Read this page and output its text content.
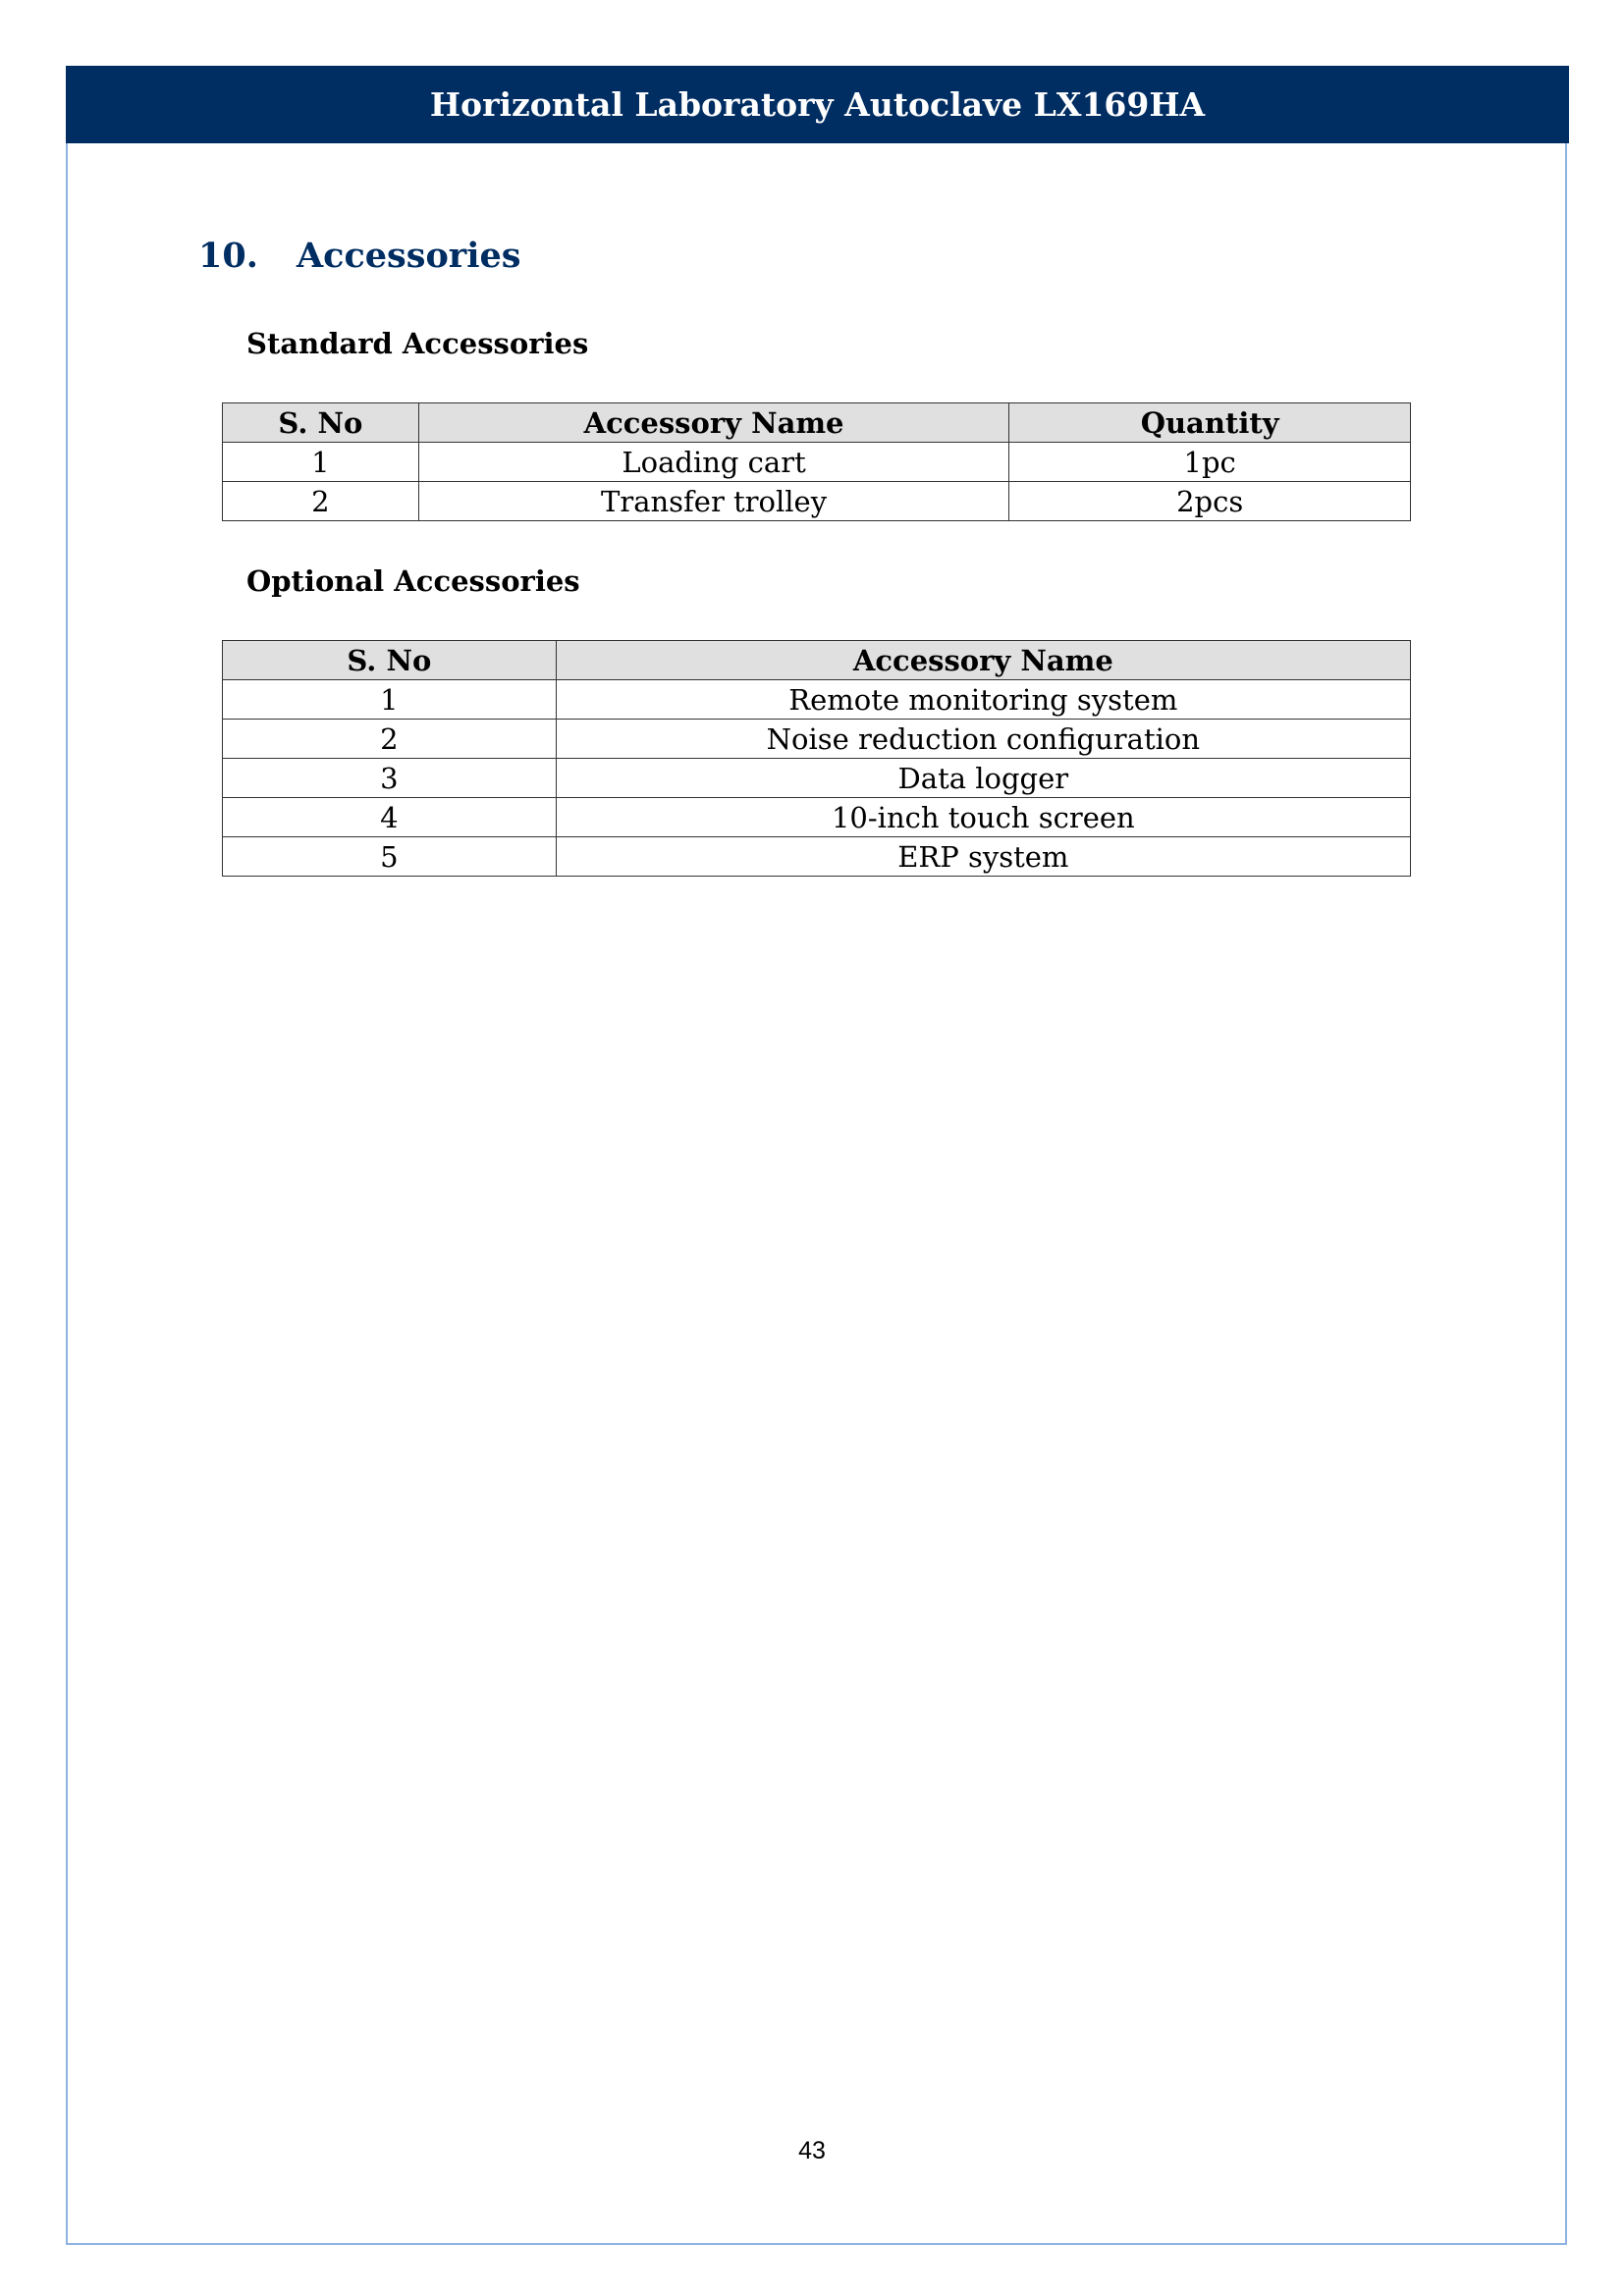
Horizontal Laboratory Autoclave LX169HA
10.	Accessories
Standard Accessories
S. No	Accessory Name	Quantity
1	Loading cart	1pc
2	Transfer trolley	2pcs
Optional Accessories
S. No	Accessory Name
1	Remote monitoring system
2	Noise reduction configuration
3	Data logger
4	10-inch touch screen
5	ERP system
43
